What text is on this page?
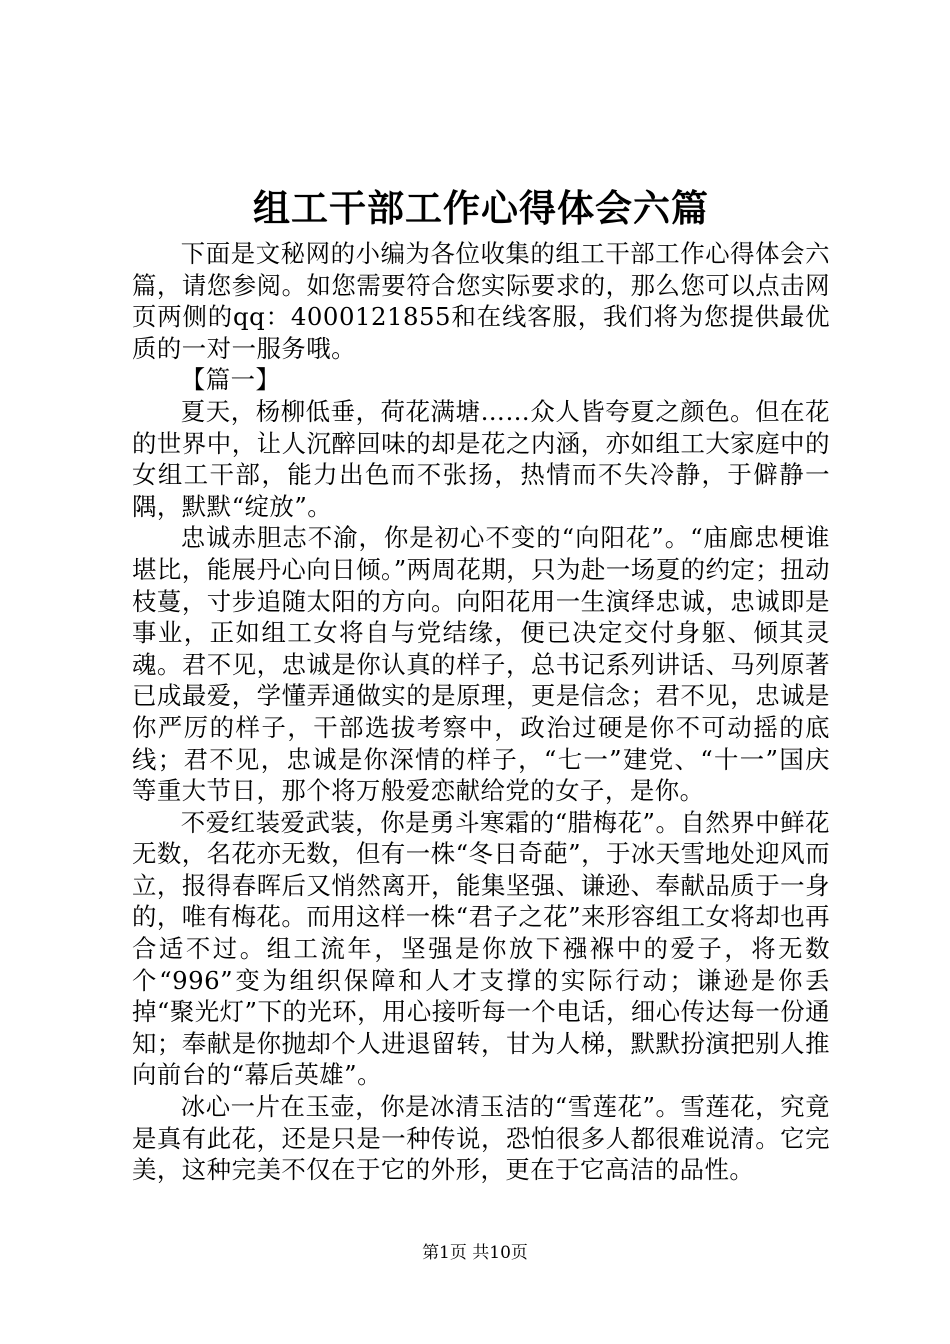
组工干部工作心得体会六篇

下面是文秘网的小编为各位收集的组工干部工作心得体会六篇，请您参阅。如您需要符合您实际要求的，那么您可以点击网页两侧的qq：4000121855和在线客服，我们将为您提供最优质的一对一服务哦。

【篇一】

夏天，杨柳低垂，荷花满塘……众人皆夸夏之颜色。但在花的世界中，让人沉醉回味的却是花之内涵，亦如组工大家庭中的女组工干部，能力出色而不张扬，热情而不失冷静，于僻静一隅，默默“绽放”。

忠诚赤胆志不渝，你是初心不变的“向阳花”。“庙廊忠梗谁堪比，能展丹心向日倾。”两周花期，只为赴一场夏的约定；扭动枝蔓，寸步追随太阳的方向。向阳花用一生演绎忠诚，忠诚即是事业，正如组工女将自与党结缘，便已决定交付身躯、倾其灵魂。君不见，忠诚是你认真的样子，总书记系列讲话、马列原著已成最爱，学懂弄通做实的是原理，更是信念；君不见，忠诚是你严厉的样子，干部选拔考察中，政治过硬是你不可动摇的底线；君不见，忠诚是你深情的样子，“七一”建党、“十一”国庆等重大节日，那个将万般爱恋献给党的女子，是你。

不爱红装爱武装，你是勇斗寒霜的“腊梅花”。自然界中鲜花无数，名花亦无数，但有一株“冬日奇葩”，于冰天雪地处迎风而立，报得春晖后又悄然离开，能集坚强、谦逊、奉献品质于一身的，唯有梅花。而用这样一株“君子之花”来形容组工女将却也再合适不过。组工流年，坚强是你放下襁褓中的爱子，将无数个“996”变为组织保障和人才支撑的实际行动；谦逊是你丢掉“聚光灯”下的光环，用心接听每一个电话，细心传达每一份通知；奉献是你抛却个人进退留转，甘为人梯，默默扮演把别人推向前台的“幕后英雄”。

冰心一片在玉壶，你是冰清玉洁的“雪莲花”。雪莲花，究竟是真有此花，还是只是一种传说，恐怕很多人都很难说清。它完美，这种完美不仅在于它的外形，更在于它高洁的品性。

第1页 共10页
